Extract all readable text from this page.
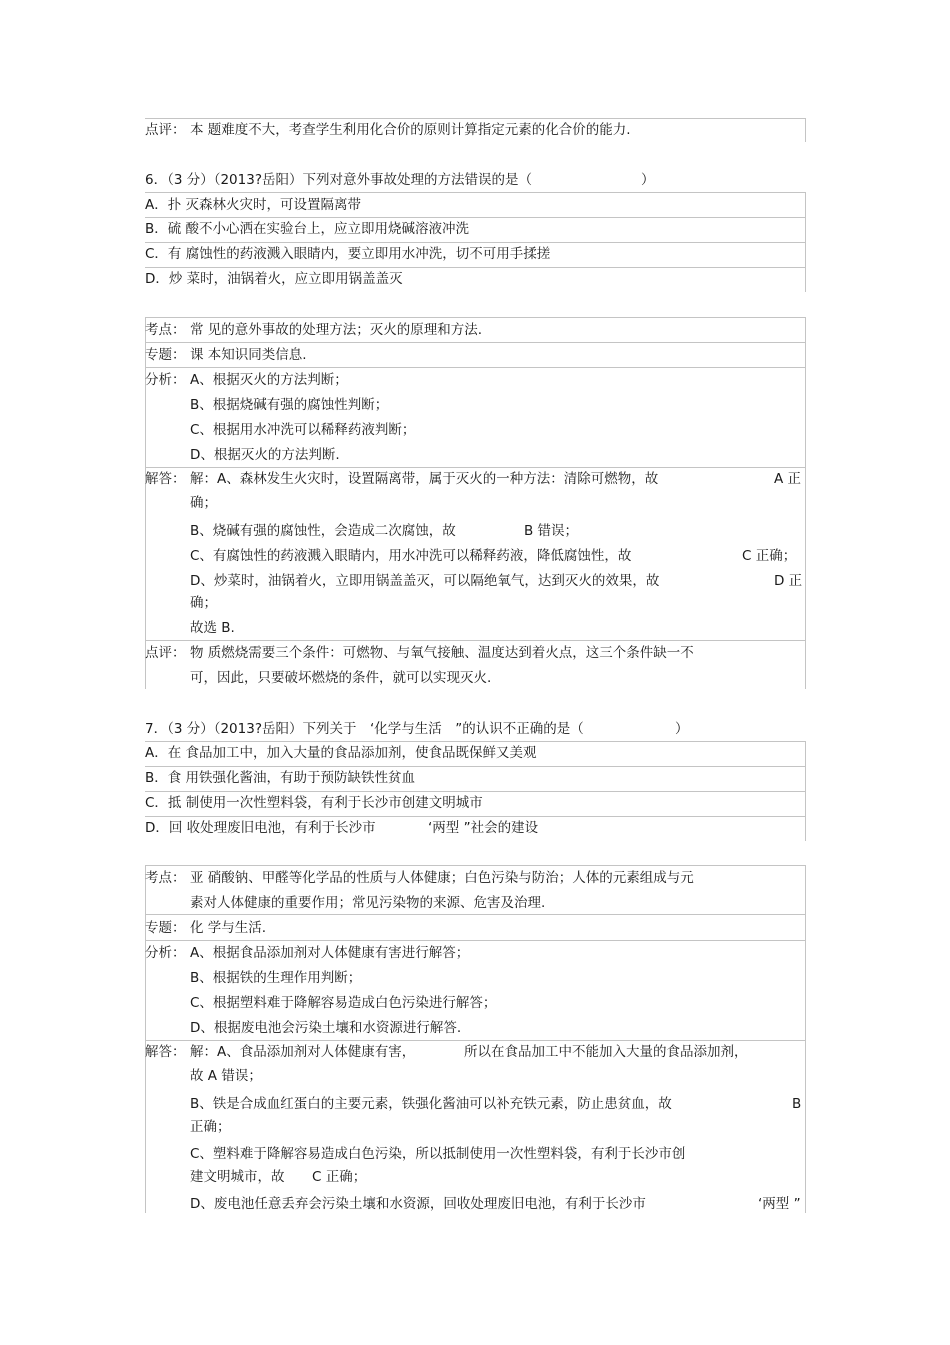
点评： 本 题难度不大，考查学生利用化合价的原则计算指定元素的化合价的能力.
6．（3 分）（2013?岳阳）下列对意外事故处理的方法错误的是（	）
A．扑 灭森林火灾时，可设置隔离带
B．硫 酸不小心洒在实验台上，应立即用烧碱溶液冲洗
C．有 腐蚀性的药液溅入眼睛内，要立即用水冲洗，切不可用手揉搓
D．炒 菜时，油锅着火，应立即用锅盖盖灭
考点： 常 见的意外事故的处理方法；灭火的原理和方法.
专题： 课 本知识同类信息.
分析： A、根据灭火的方法判断；
B、根据烧碱有强的腐蚀性判断；
C、根据用水冲洗可以稀释药液判断；
D、根据灭火的方法判断.
解答： 解：A、森林发生火灾时，设置隔离带，属于灭火的一种方法：清除可燃物，故	A 正
确；
B、烧碱有强的腐蚀性，会造成二次腐蚀，故	B 错误；
C、有腐蚀性的药液溅入眼睛内，用水冲洗可以稀释药液，降低腐蚀性，故	C 正确；
D、炒菜时，油锅着火，立即用锅盖盖灭，可以隔绝氧气，达到灭火的效果，故	D 正
确；
故选 B.
点评： 物 质燃烧需要三个条件：可燃物、与氧气接触、温度达到着火点，这三个条件缺一不
可，因此，只要破坏燃烧的条件，就可以实现灭火.
7．（3 分）（2013?岳阳）下列关于　‘化学与生活　”的认识不正确的是（	）
A．在 食品加工中，加入大量的食品添加剂，使食品既保鲜又美观
B．食 用铁强化酱油，有助于预防缺铁性贫血
C．抵 制使用一次性塑料袋，有利于长沙市创建文明城市
D．回 收处理废旧电池，有利于长沙市	‘两型 ”社会的建设
考点： 亚 硝酸钠、甲醛等化学品的性质与人体健康；白色污染与防治；人体的元素组成与元
素对人体健康的重要作用；常见污染物的来源、危害及治理.
专题： 化 学与生活.
分析： A、根据食品添加剂对人体健康有害进行解答；
B、根据铁的生理作用判断；
C、根据塑料难于降解容易造成白色污染进行解答；
D、根据废电池会污染土壤和水资源进行解答.
解答： 解：A、食品添加剂对人体健康有害，	所以在食品加工中不能加入大量的食品添加剂，
故 A 错误；
B、铁是合成血红蛋白的主要元素，铁强化酱油可以补充铁元素，防止患贫血，故	B
正确；
C、塑料难于降解容易造成白色污染，所以抵制使用一次性塑料袋，有利于长沙市创
建文明城市，故 C 正确；
D、废电池任意丢弃会污染土壤和水资源，回收处理废旧电池，有利于长沙市	‘两型 ”
